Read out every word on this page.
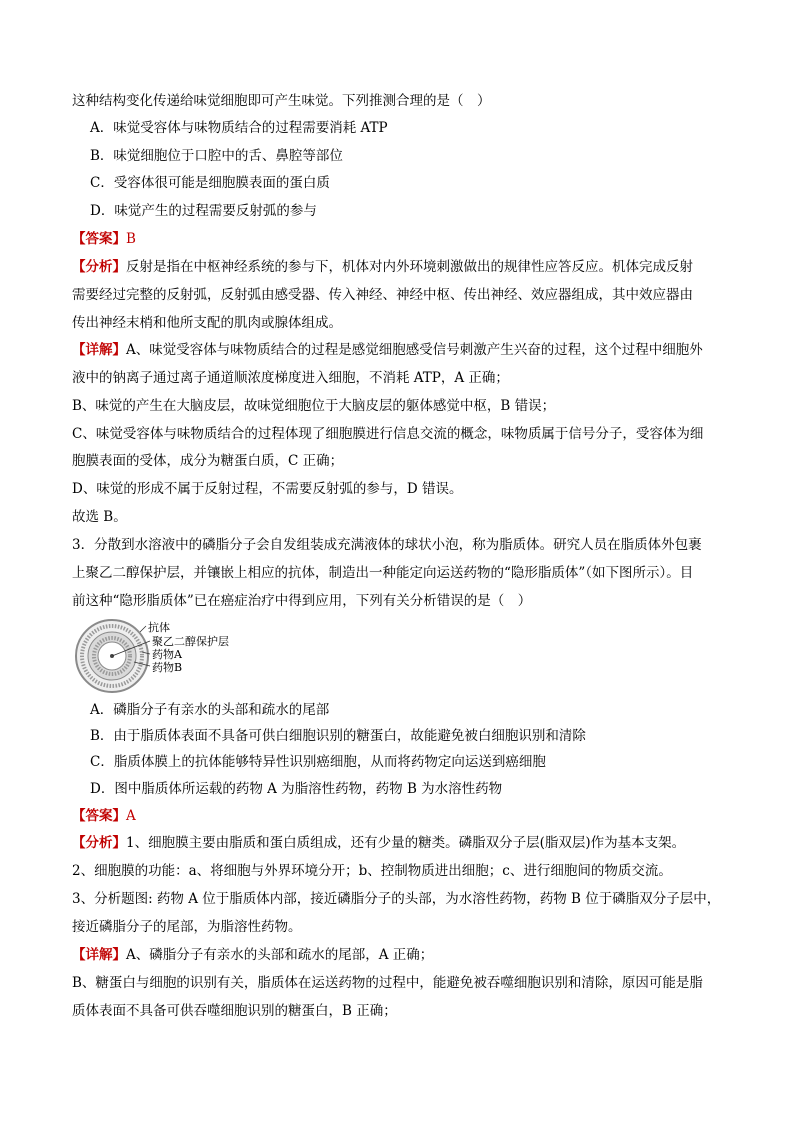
这种结构变化传递给味觉细胞即可产生味觉。下列推测合理的是（　）
A．味觉受容体与味物质结合的过程需要消耗 ATP
B．味觉细胞位于口腔中的舌、鼻腔等部位
C．受容体很可能是细胞膜表面的蛋白质
D．味觉产生的过程需要反射弧的参与
【答案】B
【分析】反射是指在中枢神经系统的参与下，机体对内外环境刺激做出的规律性应答反应。机体完成反射
需要经过完整的反射弧，反射弧由感受器、传入神经、神经中枢、传出神经、效应器组成，其中效应器由
传出神经末梢和他所支配的肌肉或腺体组成。
【详解】A、味觉受容体与味物质结合的过程是感觉细胞感受信号刺激产生兴奋的过程，这个过程中细胞外
液中的钠离子通过离子通道顺浓度梯度进入细胞，不消耗 ATP，A 正确；
B、味觉的产生在大脑皮层，故味觉细胞位于大脑皮层的躯体感觉中枢，B 错误；
C、味觉受容体与味物质结合的过程体现了细胞膜进行信息交流的概念，味物质属于信号分子，受容体为细
胞膜表面的受体，成分为糖蛋白质，C 正确；
D、味觉的形成不属于反射过程，不需要反射弧的参与，D 错误。
故选 B。
3．分散到水溶液中的磷脂分子会自发组装成充满液体的球状小泡，称为脂质体。研究人员在脂质体外包裹
上聚乙二醇保护层，并镶嵌上相应的抗体，制造出一种能定向运送药物的“隐形脂质体”（如下图所示）。目
前这种“隐形脂质体”已在癌症治疗中得到应用，下列有关分析错误的是（　）
抗体
聚乙二醇保护层
药物A
药物B
A．磷脂分子有亲水的头部和疏水的尾部
B．由于脂质体表面不具备可供白细胞识别的糖蛋白，故能避免被白细胞识别和清除
C．脂质体膜上的抗体能够特异性识别癌细胞，从而将药物定向运送到癌细胞
D．图中脂质体所运载的药物 A 为脂溶性药物，药物 B 为水溶性药物
【答案】A
【分析】1、细胞膜主要由脂质和蛋白质组成，还有少量的糖类。磷脂双分子层(脂双层)作为基本支架。
2、细胞膜的功能：a、将细胞与外界环境分开；b、控制物质进出细胞；c、进行细胞间的物质交流。
3、分析题图: 药物 A 位于脂质体内部，接近磷脂分子的头部，为水溶性药物，药物 B 位于磷脂双分子层中，
接近磷脂分子的尾部，为脂溶性药物。
【详解】A、磷脂分子有亲水的头部和疏水的尾部，A 正确；
B、糖蛋白与细胞的识别有关，脂质体在运送药物的过程中，能避免被吞噬细胞识别和清除，原因可能是脂
质体表面不具备可供吞噬细胞识别的糖蛋白，B 正确；
